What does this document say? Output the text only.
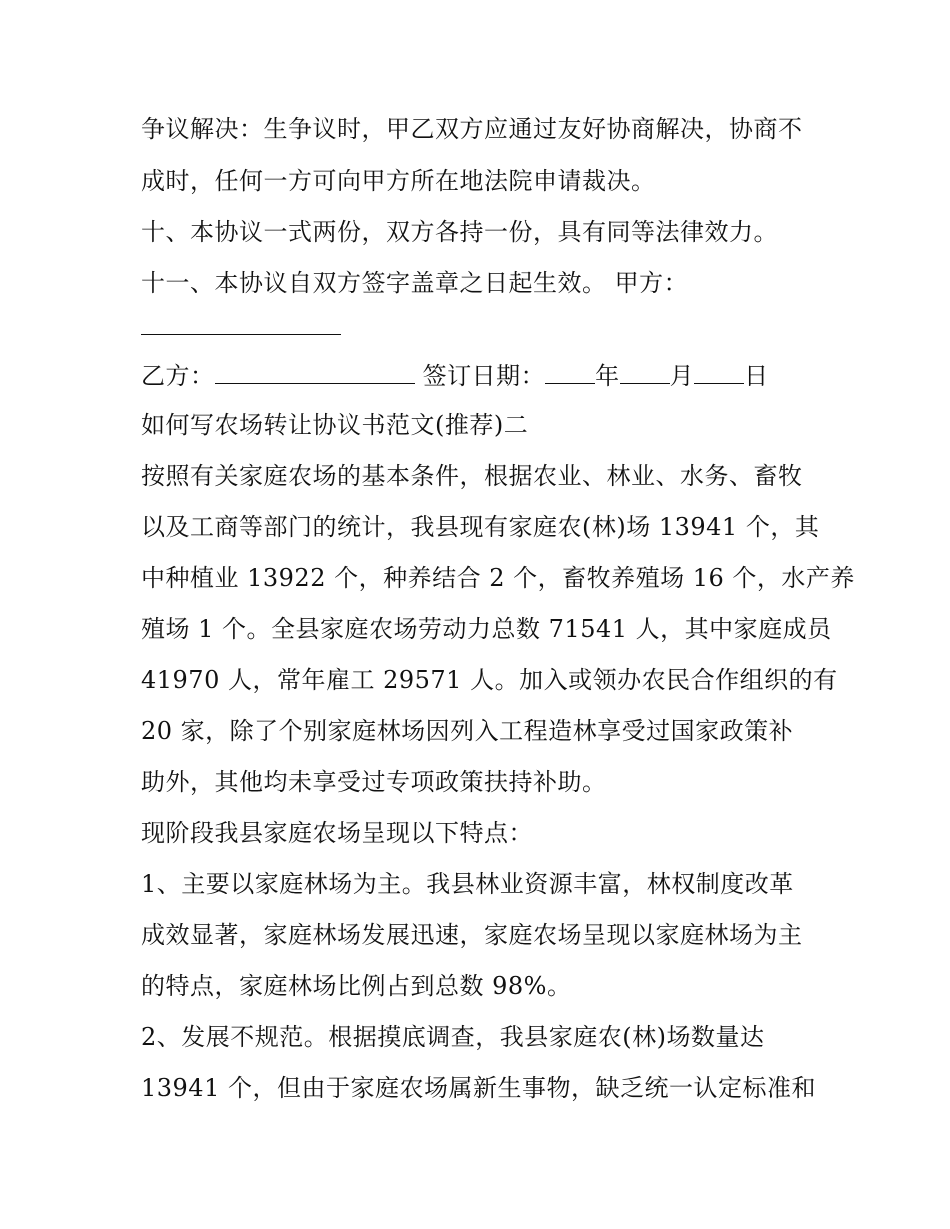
争议解决：生争议时，甲乙双方应通过友好协商解决，协商不
成时，任何一方可向甲方所在地法院申请裁决。
十、本协议一式两份，双方各持一份，具有同等法律效力。
十一、本协议自双方签字盖章之日起生效。 甲方：
乙方：	签订日期： 年 月 日
如何写农场转让协议书范文(推荐)二
按照有关家庭农场的基本条件，根据农业、林业、水务、畜牧
以及工商等部门的统计，我县现有家庭农(林)场 13941 个，其
中种植业 13922 个，种养结合 2 个，畜牧养殖场 16 个，水产养
殖场 1 个。全县家庭农场劳动力总数 71541 人，其中家庭成员
41970 人，常年雇工 29571 人。加入或领办农民合作组织的有
20 家，除了个别家庭林场因列入工程造林享受过国家政策补
助外，其他均未享受过专项政策扶持补助。
现阶段我县家庭农场呈现以下特点：
1、主要以家庭林场为主。我县林业资源丰富，林权制度改革
成效显著，家庭林场发展迅速，家庭农场呈现以家庭林场为主
的特点，家庭林场比例占到总数 98%。
2、发展不规范。根据摸底调查，我县家庭农(林)场数量达
13941 个，但由于家庭农场属新生事物，缺乏统一认定标准和
